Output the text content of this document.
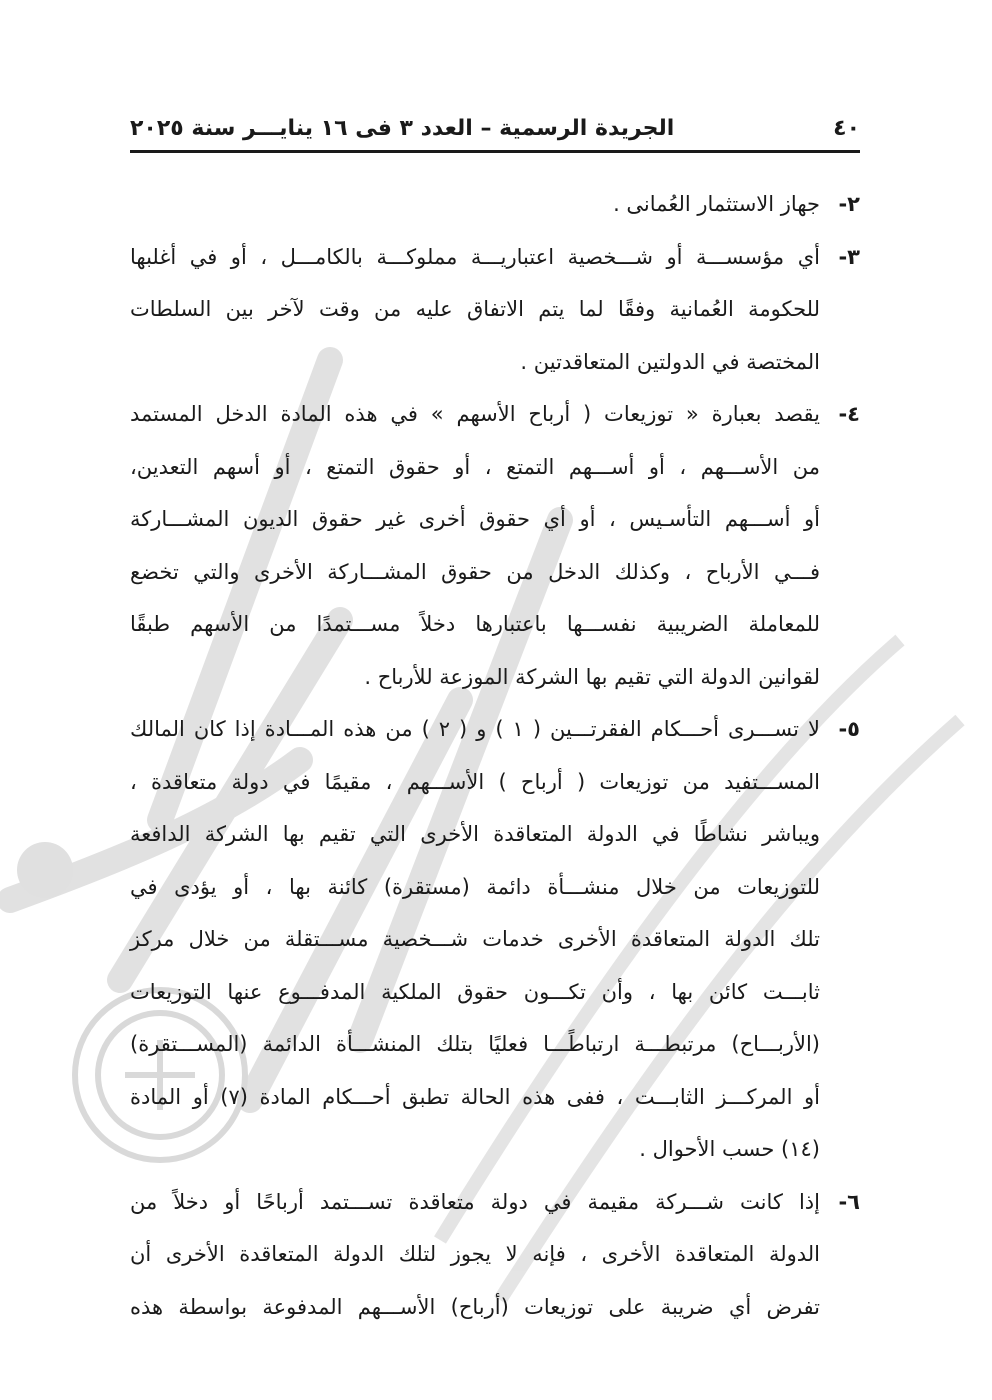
٤٠
الجريدة الرسمية – العدد ٣ فى ١٦ ينايـــر سنة ٢٠٢٥
٢-
جهاز الاستثمار العُمانى .
٣-
أي مؤسســـة أو شـــخصية اعتباريـــة مملوكـــة بالكامـــل ، أو في أغلبها
للحكومة العُمانية وفقًا لما يتم الاتفاق عليه من وقت لآخر بين السلطات
المختصة في الدولتين المتعاقدتين .
٤-
يقصد بعبارة « توزيعات ( أرباح الأسهم » في هذه المادة الدخل المستمد
من الأســـهم ، أو أســـهم التمتع ، أو حقوق التمتع ، أو أسهم التعدين،
أو أســـهم التأسـيس ، أو أي حقوق أخرى غير حقوق الديون المشـــاركة
فـــي الأرباح ، وكذلك الدخل من حقوق المشـــاركة الأخرى والتي تخضع
للمعاملة الضريبية نفســـها باعتبارها دخلاً مســـتمدًا من الأسهم طبقًا
لقوانين الدولة التي تقيم بها الشركة الموزعة للأرباح .
٥-
لا تســـرى أحـــكام الفقرتـــين ( ١ ) و ( ٢ ) من هذه المـــادة إذا كان المالك
المســـتفيد من توزيعات ( أرباح ) الأســـهم ، مقيمًا في دولة متعاقدة ،
ويباشر نشاطًا في الدولة المتعاقدة الأخرى التي تقيم بها الشركة الدافعة
للتوزيعات من خلال منشـــأة دائمة (مستقرة) كائنة بها ، أو يؤدى في
تلك الدولة المتعاقدة الأخرى خدمات شـــخصية مســـتقلة من خلال مركز
ثابـــت كائن بها ، وأن تكـــون حقوق الملكية المدفـــوع عنها التوزيعات
(الأربـــاح) مرتبطـــة ارتباطًـــا فعليًا بتلك المنشـــأة الدائمة (المســـتقرة)
أو المركـــز الثابـــت ، ففى هذه الحالة تطبق أحـــكام المادة (٧) أو المادة
(١٤) حسب الأحوال .
٦-
إذا كانت شـــركة مقيمة في دولة متعاقدة تســـتمد أرباحًا أو دخلاً من
الدولة المتعاقدة الأخرى ، فإنه لا يجوز لتلك الدولة المتعاقدة الأخرى أن
تفرض أي ضريبة على توزيعات (أرباح) الأســـهم المدفوعة بواسطة هذه
